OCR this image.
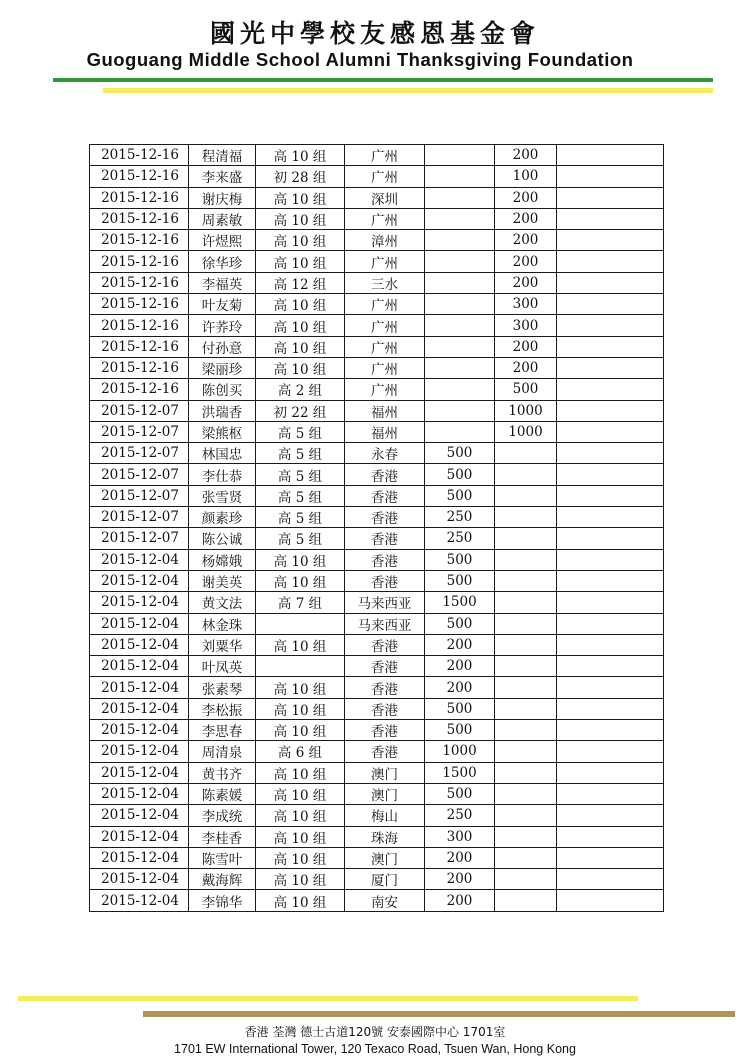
國光中學校友感恩基金會
Guoguang Middle School Alumni Thanksgiving Foundation
2015-12-16	程清福	高 10 组	广州		200	
2015-12-16	李来盛	初 28 组	广州		100	
2015-12-16	谢庆梅	高 10 组	深圳		200	
2015-12-16	周素敏	高 10 组	广州		200	
2015-12-16	许煜熙	高 10 组	漳州		200	
2015-12-16	徐华珍	高 10 组	广州		200	
2015-12-16	李福英	高 12 组	三水		200	
2015-12-16	叶友菊	高 10 组	广州		300	
2015-12-16	许荞玲	高 10 组	广州		300	
2015-12-16	付孙意	高 10 组	广州		200	
2015-12-16	梁丽珍	高 10 组	广州		200	
2015-12-16	陈创买	高 2 组	广州		500	
2015-12-07	洪瑞香	初 22 组	福州		1000	
2015-12-07	梁熊枢	高 5 组	福州		1000	
2015-12-07	林国忠	高 5 组	永春	500		
2015-12-07	李仕恭	高 5 组	香港	500		
2015-12-07	张雪贤	高 5 组	香港	500		
2015-12-07	颜素珍	高 5 组	香港	250		
2015-12-07	陈公诚	高 5 组	香港	250		
2015-12-04	杨嫦娥	高 10 组	香港	500		
2015-12-04	谢美英	高 10 组	香港	500		
2015-12-04	黄文法	高 7 组	马来西亚	1500		
2015-12-04	林金珠		马来西亚	500		
2015-12-04	刘粟华	高 10 组	香港	200		
2015-12-04	叶凤英		香港	200		
2015-12-04	张素琴	高 10 组	香港	200		
2015-12-04	李松振	高 10 组	香港	500		
2015-12-04	李思春	高 10 组	香港	500		
2015-12-04	周清泉	高 6 组	香港	1000		
2015-12-04	黄书齐	高 10 组	澳门	1500		
2015-12-04	陈素媛	高 10 组	澳门	500		
2015-12-04	李成统	高 10 组	梅山	250		
2015-12-04	李桂香	高 10 组	珠海	300		
2015-12-04	陈雪叶	高 10 组	澳门	200		
2015-12-04	戴海辉	高 10 组	厦门	200		
2015-12-04	李锦华	高 10 组	南安	200		
香港 荃灣 德士古道120號 安泰國際中心 1701室
1701 EW International Tower, 120 Texaco Road, Tsuen Wan, Hong Kong
